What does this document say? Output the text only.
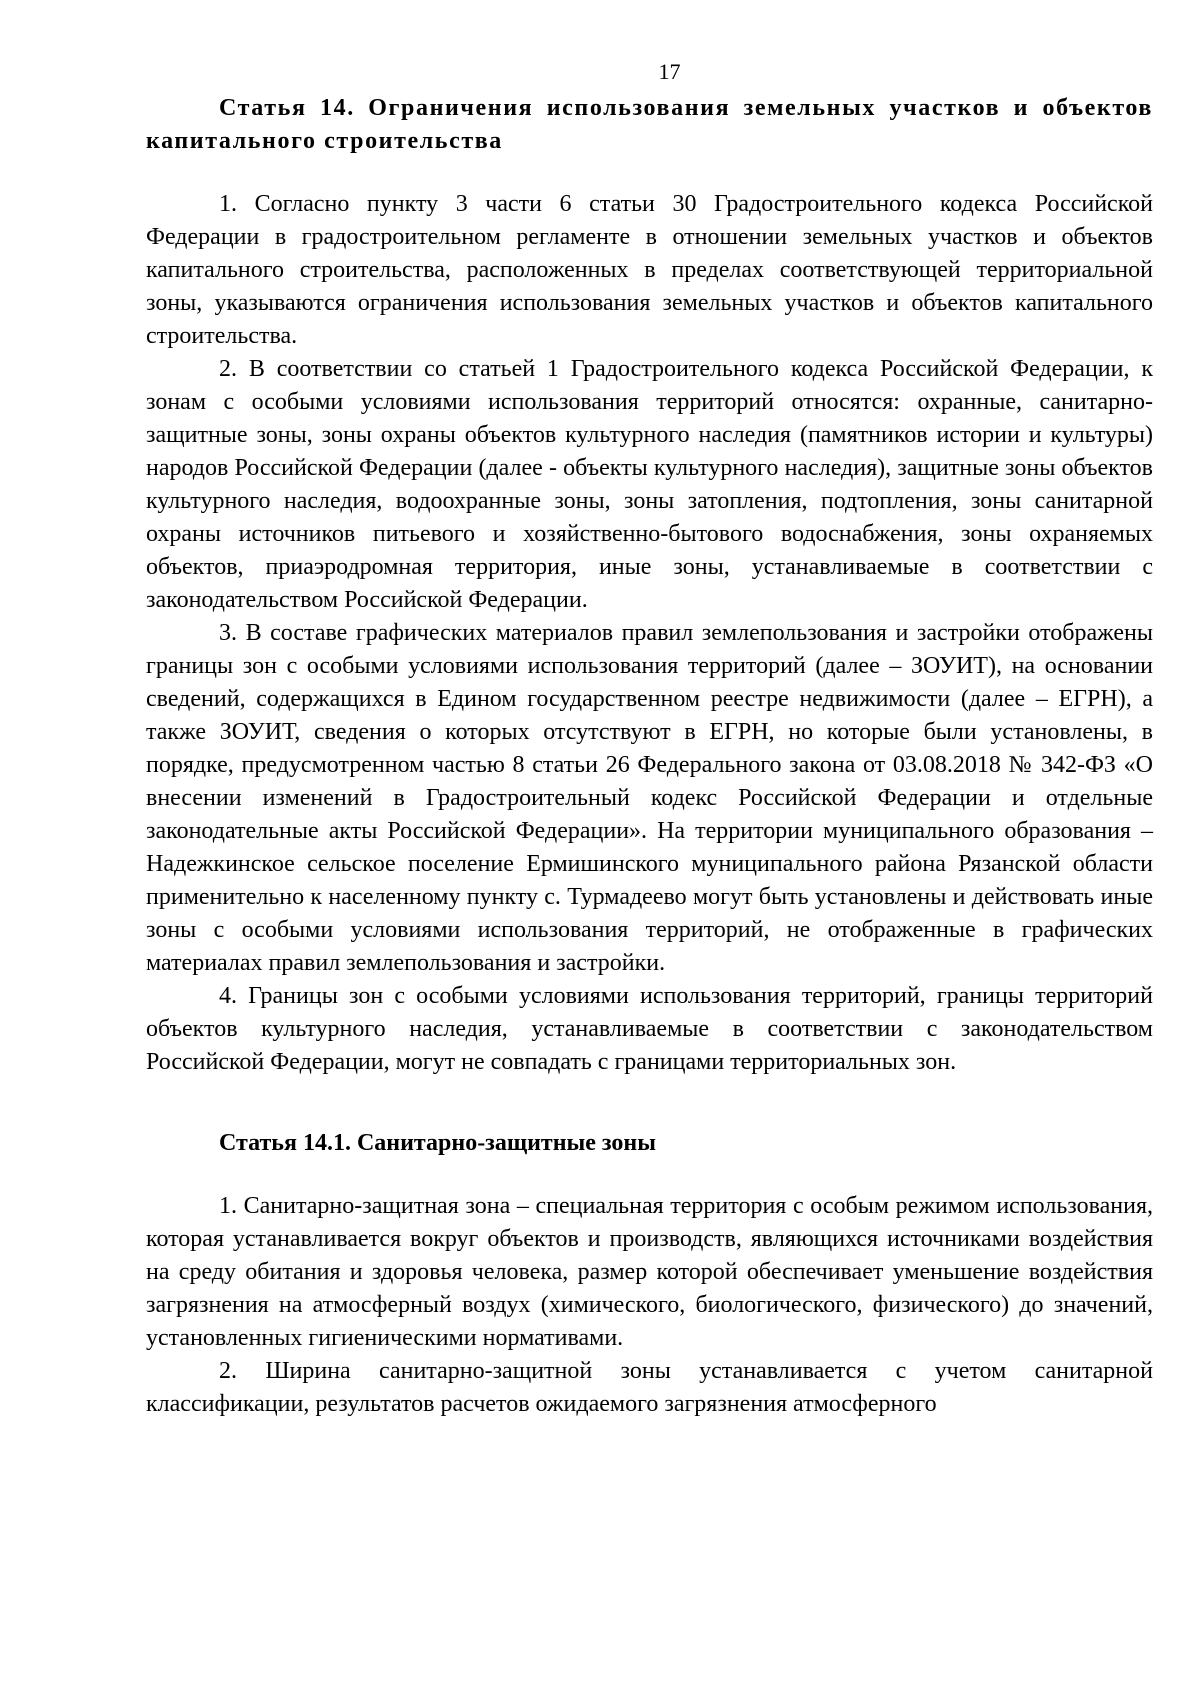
17

Статья 14. Ограничения использования земельных участков и объектов капитального строительства

1. Согласно пункту 3 части 6 статьи 30 Градостроительного кодекса Российской Федерации в градостроительном регламенте в отношении земельных участков и объектов капитального строительства, расположенных в пределах соответствующей территориальной зоны, указываются ограничения использования земельных участков и объектов капитального строительства.

2. В соответствии со статьей 1 Градостроительного кодекса Российской Федерации, к зонам с особыми условиями использования территорий относятся: охранные, санитарно-защитные зоны, зоны охраны объектов культурного наследия (памятников истории и культуры) народов Российской Федерации (далее - объекты культурного наследия), защитные зоны объектов культурного наследия, водоохранные зоны, зоны затопления, подтопления, зоны санитарной охраны источников питьевого и хозяйственно-бытового водоснабжения, зоны охраняемых объектов, приаэродромная территория, иные зоны, устанавливаемые в соответствии с законодательством Российской Федерации.

3. В составе графических материалов правил землепользования и застройки отображены границы зон с особыми условиями использования территорий (далее – ЗОУИТ), на основании сведений, содержащихся в Едином государственном реестре недвижимости (далее – ЕГРН), а также ЗОУИТ, сведения о которых отсутствуют в ЕГРН, но которые были установлены, в порядке, предусмотренном частью 8 статьи 26 Федерального закона от 03.08.2018 № 342-ФЗ «О внесении изменений в Градостроительный кодекс Российской Федерации и отдельные законодательные акты Российской Федерации». На территории муниципального образования – Надежкинское сельское поселение Ермишинского муниципального района Рязанской области применительно к населенному пункту с. Турмадеево могут быть установлены и действовать иные зоны с особыми условиями использования территорий, не отображенные в графических материалах правил землепользования и застройки.

4. Границы зон с особыми условиями использования территорий, границы территорий объектов культурного наследия, устанавливаемые в соответствии с законодательством Российской Федерации, могут не совпадать с границами территориальных зон.

Статья 14.1. Санитарно-защитные зоны

1. Санитарно-защитная зона – специальная территория с особым режимом использования, которая устанавливается вокруг объектов и производств, являющихся источниками воздействия на среду обитания и здоровья человека, размер которой обеспечивает уменьшение воздействия загрязнения на атмосферный воздух (химического, биологического, физического) до значений, установленных гигиеническими нормативами.

2. Ширина санитарно-защитной зоны устанавливается с учетом санитарной классификации, результатов расчетов ожидаемого загрязнения атмосферного
